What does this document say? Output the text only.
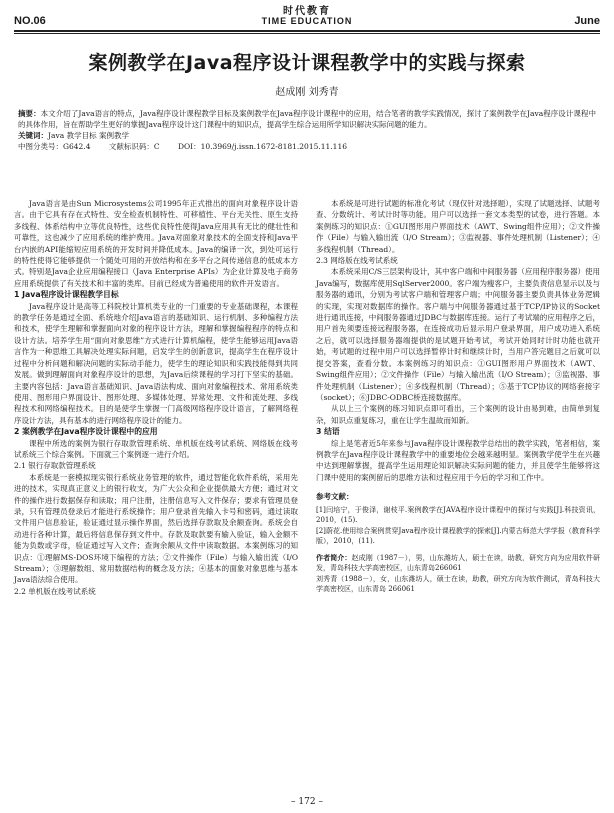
时代教育
TIME EDUCATION
NO.06	June
案例教学在Java程序设计课程教学中的实践与探索
赵成刚 刘秀青
摘要：本文介绍了Java语言的特点，Java程序设计课程教学目标及案例教学在Java程序设计课程中的应用，结合笔者的教学实践情况，探讨了案例教学在Java程序设计课程中的具体作用，旨在帮助学生更好的掌握Java程序设计这门课程中的知识点，提高学生综合运用所学知识解决实际问题的能力。
关键词：Java 教学目标 案例教学
中图分类号：G642.4 文献标识码：C DOI：10.3969/j.issn.1672-8181.2015.11.116

Java语言是由Sun Microsystems公司1995年正式推出的面向对象程序设计语言。由于它具有存在式特性、安全检查机制特性、可移植性、平台无关性、原生支持多线程、体系结构中立等优良特性，这些优良特性使得Java应用具有无比的健壮性和可靠性，这也减少了应用系统的维护费用。Java对面象对象技术的全面支持和Java平台内嵌的API能缩短应用系统的开发时间并降低成本。Java的编译一次，到处可运行的特性使得它能够提供一个随处可用的开放结构和在多平台之间传递信息的低成本方式。特别是Java企业应用编程接口（Java Enterprise APIs）为企业计算及电子商务应用系统提供了有关技术和丰富的类库。目前已经成为普遍使用的软件开发语言。

1 Java程序设计课程教学目标

Java程序设计是高等工科院校计算机类专业的一门重要的专业基础课程，本课程的教学任务是通过全面、系统地介绍Java语言的基础知识、运行机制、多种编程方法和技术，使学生理解和掌握面向对象的程序设计方法，理解和掌握编程程序的特点和设计方法。培养学生用“面向对象思维”方式进行计算机编程，使学生能够运用Java语言作为一种思维工具解决处理实际问题，启发学生的创新意识，提高学生在程序设计过程中分析问题和解决问题的实际动手能力，使学生的理论知识和实践技能得到共同发展。做到理解面向对象程序设计的思想，为Java后续课程的学习打下坚实的基础。主要内容包括：Java语言基础知识、Java语法构成、面向对象编程技术、常用系统类使用、图形用户界面设计、图形处理、多媒体处理、异常处理、文件和流处理、多线程技术和网络编程技术。目的是使学生掌握一门高级网络程序设计语言，了解网络程序设计方法，具有基本的进行网络程序设计的能力。

2 案例教学在Java程序设计课程中的应用

课程中所选的案例为银行存取款管理系统、单机版在线考试系统、网络版在线考试系统三个综合案例。下面就三个案例逐一进行介绍。

2.1 银行存取款管理系统

本系统是一套模拟现实银行系统业务管理的软件，通过智能化软件系统，采用先进的技术，实现真正意义上的银行收支，为广大公众和企业提供最大方便；通过对文件的操作进行数据保存和读取；用户注册，注册信息写入文件保存；要求有管理员登录，只有管理员登录后才能进行系统操作；用户登录首先输入卡号和密码，通过读取文件用户信息验证，验证通过显示操作界面，然后选择存款取及余额查询。系统会自动进行各种计算，最后将信息保存到文件中。存款及取款要有输入验证，输入金额不能为负数或字母，验证通过写入文件；查询余额从文件中读取数据。本案例练习的知识点：①理解MS-DOS环境下编程的方法；②文件操作（File）与输入输出流（I/O Stream）；③理解数组、常用数据结构的概念及方法；④基本的面象对象思维与基本Java语法综合使用。

2.2 单机版在线考试系统

本系统是可进行试题的标准化考试（现仅针对选择题），实现了试题选择、试题考查、分数统计、考试计时等功能。用户可以选择一套文本类型的试卷，进行答题。本案例练习的知识点：①GUI图形用户界面技术（AWT、Swing组件应用）；②文件操作（File）与输入输出流（I/O Stream）；③监视器、事件处理机制（Listener）；④多线程机制（Thread）。

2.3 网络版在线考试系统

本系统采用C/S三层架构设计，其中客户端和中间服务器（应用程序服务器）使用Java编写，数据库使用SqlServer2000。客户端为瘦客户，主要负责信息显示以及与服务器的通讯，分别为考试客户端和管理客户端；中间服务器主要负责具体业务逻辑的实现，实现对数据库的操作。客户端与中间服务器通过基于TCP/IP协议的Socket进行通讯连接，中间服务器通过JDBC与数据库连接。运行了考试端的应用程序之后，用户首先须要连接远程服务器，在连接成功后显示用户登录界面，用户成功进入系统之后，就可以选择服务器端提供的是试题开始考试，考试开始同时计时功能也就开始，考试题的过程中用户可以选择暂停计时和继续计时，当用户答完题目之后就可以提交答案，查看分数。本案例练习的知识点：①GUI图形用户界面技术（AWT、Swing组件应用）；②文件操作（File）与输入输出流（I/O Stream）；③监视器、事件处理机制（Listener）；④多线程机制（Thread）；⑤基于TCP协议的网络套接字（socket）；⑥JDBC-ODBC桥连接数据库。

从以上三个案例的练习知识点即可看出，三个案例的设计由易到难，由简单到复杂，知识点重复练习，重在让学生温故而知新。

3 结语

综上是笔者近5年来参与Java程序设计课程教学总结出的教学实践，笔者相信，案例教学在Java程序设计课程教学中的重要地位会越来越明显。案例教学使学生在兴趣中达到理解掌握，提高学生运用理论知识解决实际问题的能力，并且使学生能够将这门课中使用的案例留后的思维方法和过程应用于今后的学习和工作中。

参考文献：

[1]闫培宁，于俊泽，谢枝平.案例教学在JAVA程序设计课程中的探讨与实践[J].科技资讯，2010，(15).

[2]蔚花.使用综合案例贯穿Java程序设计课程教学的探索[J].内蒙古师范大学学报（教育科学版），2010，(11).

作者简介：赵成刚（1987－），男，山东潍坊人，硕士在读，助教，研究方向为应用软件研发，青岛科技大学高密校区，山东青岛266061

刘秀青（1988－），女，山东潍坊人，硕士在读，助教，研究方向为软件测试，青岛科技大学高密校区，山东青岛 266061

– 172 –
